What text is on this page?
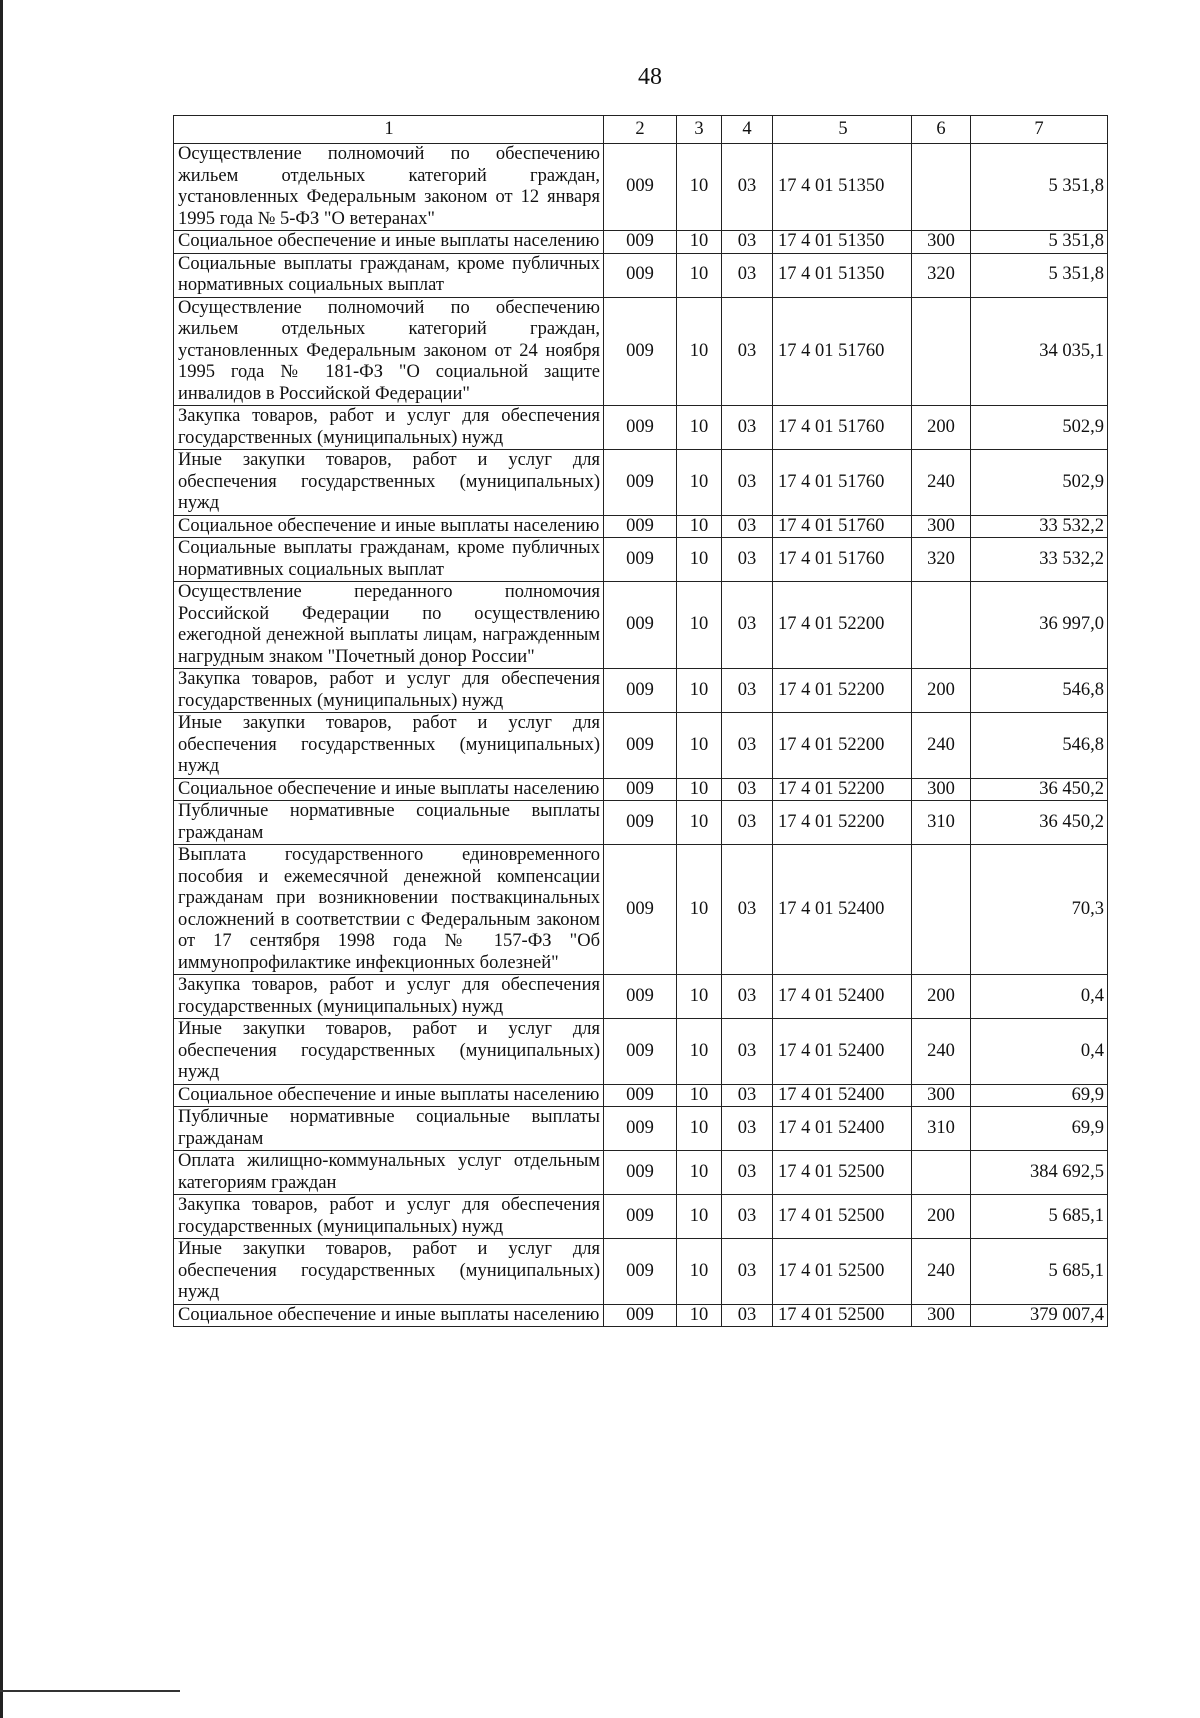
48
1	2	3	4	5	6	7

Осуществление полномочий по обеспечению жильем отдельных категорий граждан, установленных Федеральным законом от 12 января 1995 года № 5-ФЗ "О ветеранах"	009	10	03	17 4 01 51350		5 351,8

Социальное обеспечение и иные выплаты населению	009	10	03	17 4 01 51350	300	5 351,8

Социальные выплаты гражданам, кроме публичных нормативных социальных выплат	009	10	03	17 4 01 51350	320	5 351,8

Осуществление полномочий по обеспечению жильем отдельных категорий граждан, установленных Федеральным законом от 24 ноября 1995 года № 181-ФЗ "О социальной защите инвалидов в Российской Федерации"	009	10	03	17 4 01 51760		34 035,1

Закупка товаров, работ и услуг для обеспечения государственных (муниципальных) нужд	009	10	03	17 4 01 51760	200	502,9

Иные закупки товаров, работ и услуг для обеспечения государственных (муниципальных) нужд	009	10	03	17 4 01 51760	240	502,9

Социальное обеспечение и иные выплаты населению	009	10	03	17 4 01 51760	300	33 532,2

Социальные выплаты гражданам, кроме публичных нормативных социальных выплат	009	10	03	17 4 01 51760	320	33 532,2

Осуществление переданного полномочия Российской Федерации по осуществлению ежегодной денежной выплаты лицам, награжденным нагрудным знаком "Почетный донор России"	009	10	03	17 4 01 52200		36 997,0

Закупка товаров, работ и услуг для обеспечения государственных (муниципальных) нужд	009	10	03	17 4 01 52200	200	546,8

Иные закупки товаров, работ и услуг для обеспечения государственных (муниципальных) нужд	009	10	03	17 4 01 52200	240	546,8

Социальное обеспечение и иные выплаты населению	009	10	03	17 4 01 52200	300	36 450,2

Публичные нормативные социальные выплаты гражданам	009	10	03	17 4 01 52200	310	36 450,2

Выплата государственного единовременного пособия и ежемесячной денежной компенсации гражданам при возникновении поствакцинальных осложнений в соответствии с Федеральным законом от 17 сентября 1998 года № 157-ФЗ "Об иммунопрофилактике инфекционных болезней"	009	10	03	17 4 01 52400		70,3

Закупка товаров, работ и услуг для обеспечения государственных (муниципальных) нужд	009	10	03	17 4 01 52400	200	0,4

Иные закупки товаров, работ и услуг для обеспечения государственных (муниципальных) нужд	009	10	03	17 4 01 52400	240	0,4

Социальное обеспечение и иные выплаты населению	009	10	03	17 4 01 52400	300	69,9

Публичные нормативные социальные выплаты гражданам	009	10	03	17 4 01 52400	310	69,9

Оплата жилищно-коммунальных услуг отдельным категориям граждан	009	10	03	17 4 01 52500		384 692,5

Закупка товаров, работ и услуг для обеспечения государственных (муниципальных) нужд	009	10	03	17 4 01 52500	200	5 685,1

Иные закупки товаров, работ и услуг для обеспечения государственных (муниципальных) нужд	009	10	03	17 4 01 52500	240	5 685,1

Социальное обеспечение и иные выплаты населению	009	10	03	17 4 01 52500	300	379 007,4
